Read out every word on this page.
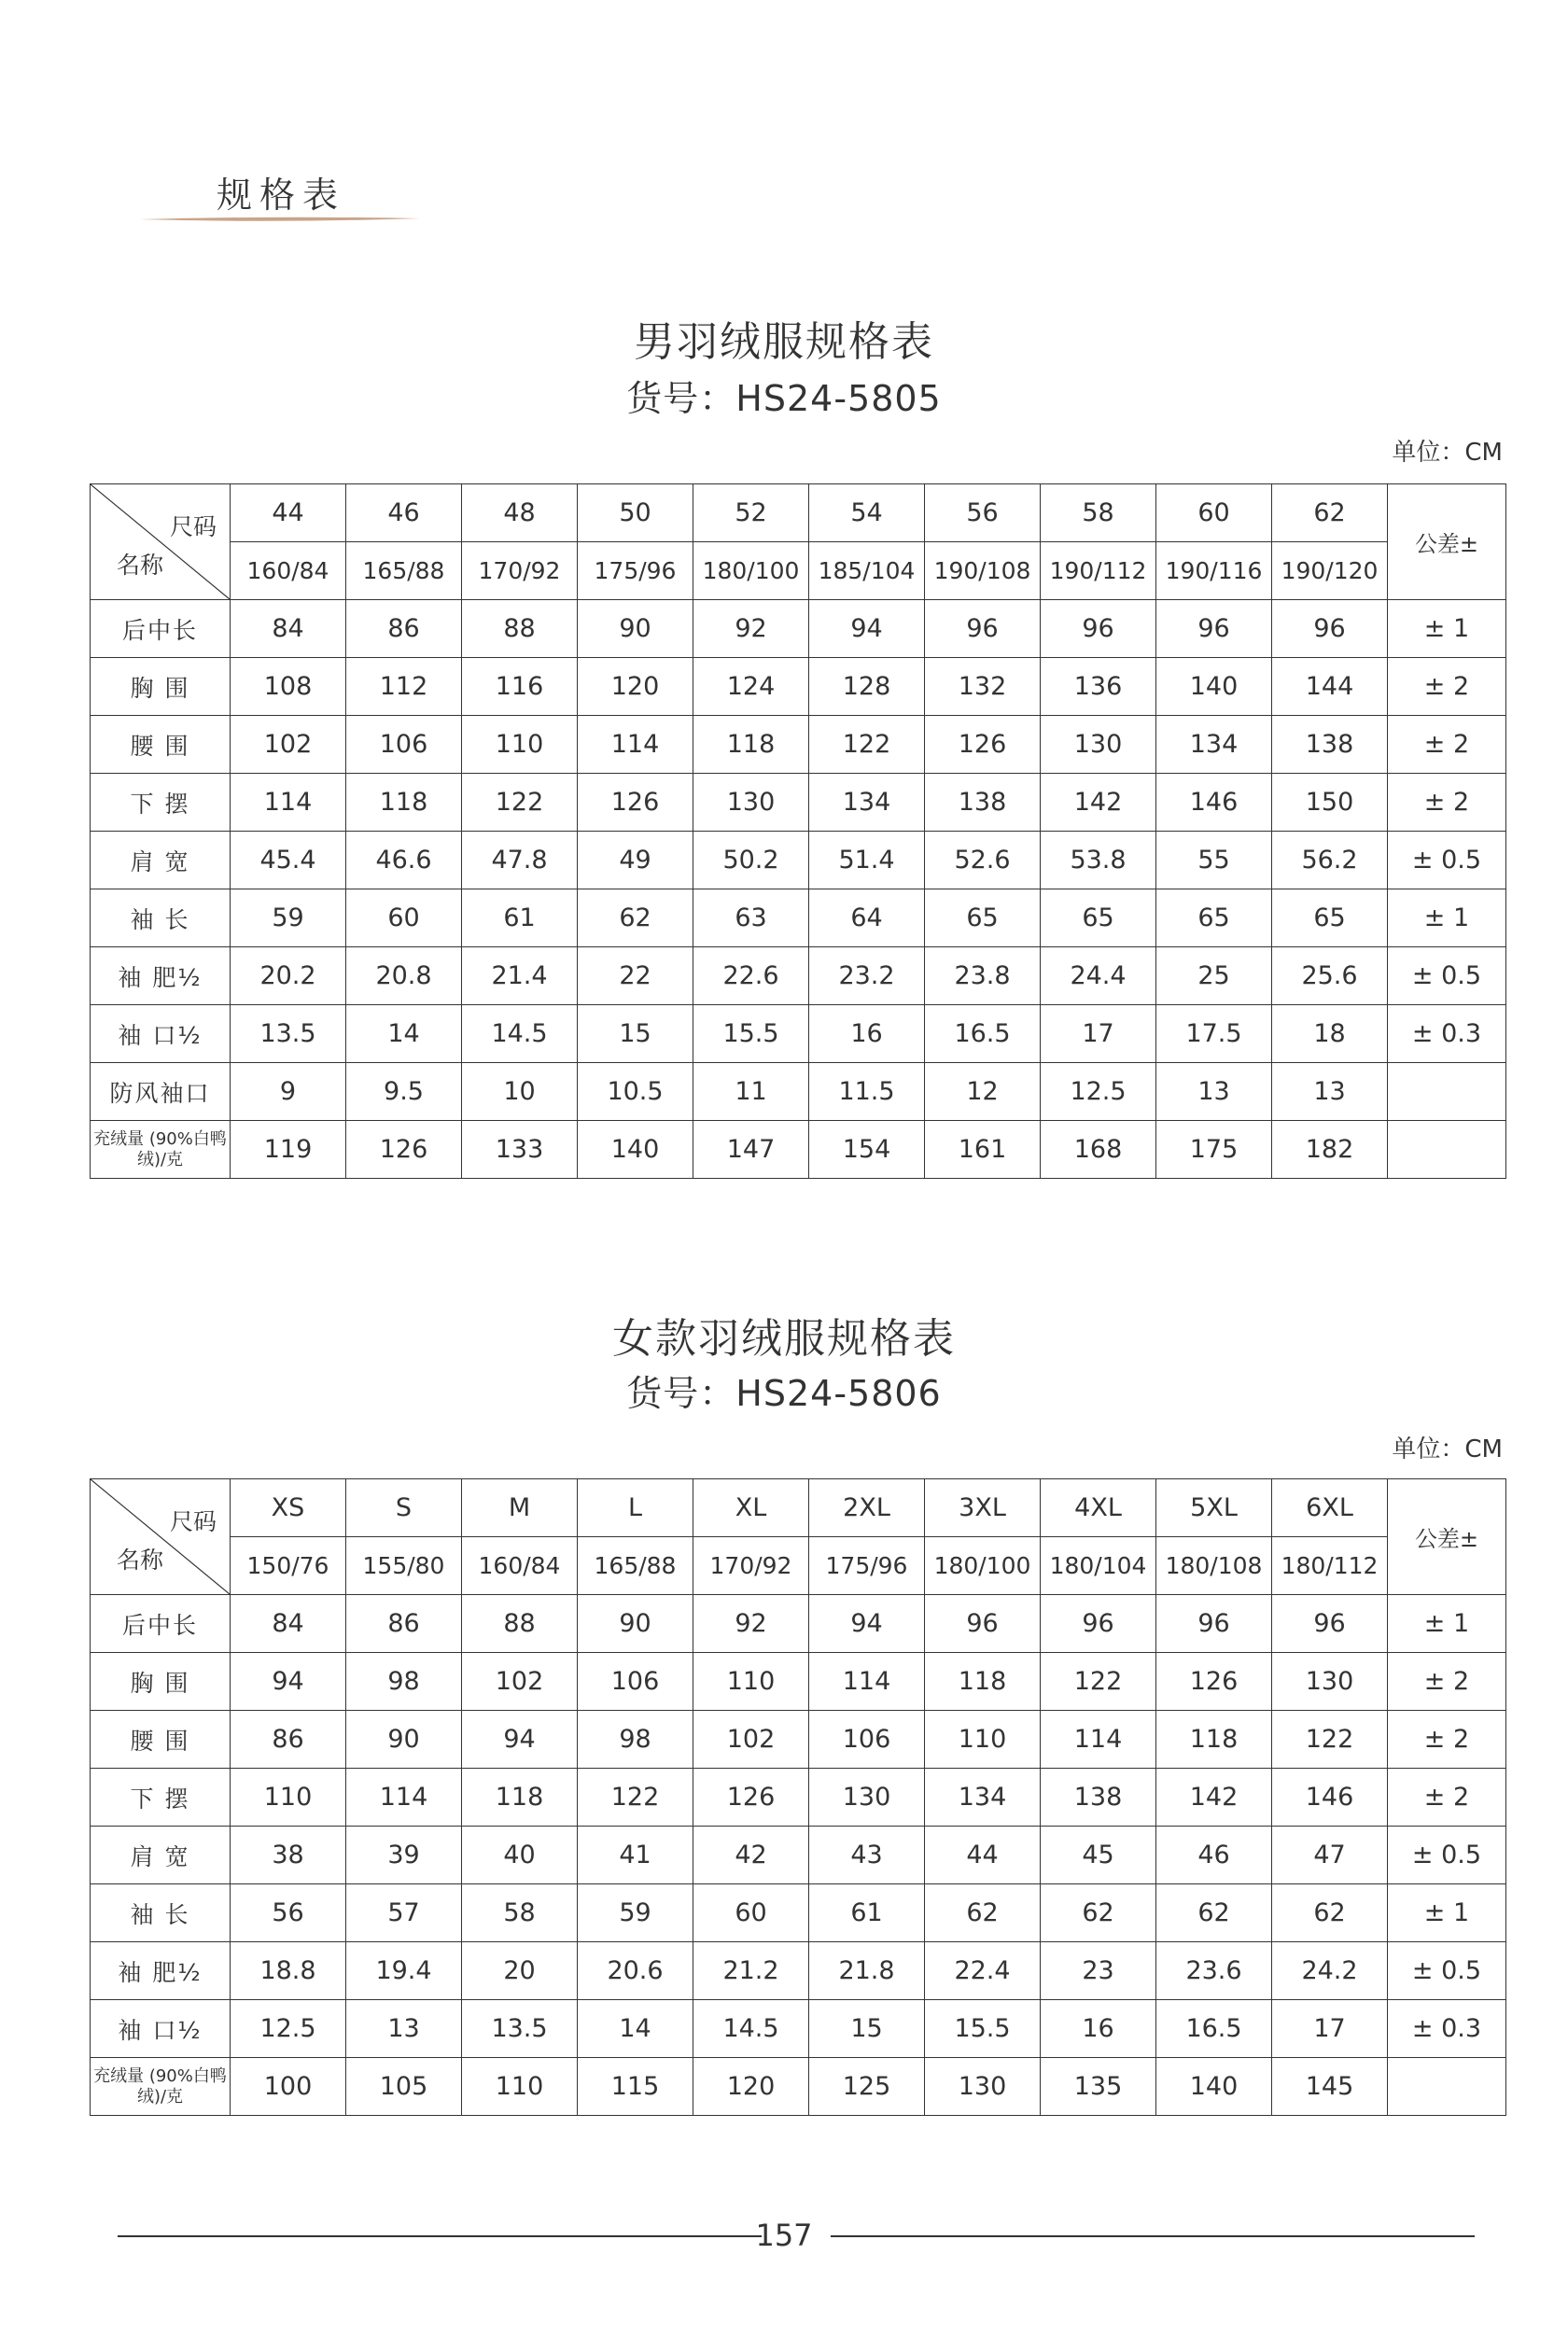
规格表
男羽绒服规格表
货号：HS24-5805
单位：CM
尺码
名称	44	46	48	50	52	54	56	58	60	62	公差±
	160/84	165/88	170/92	175/96	180/100	185/104	190/108	190/112	190/116	190/120	
后中长	84	86	88	90	92	94	96	96	96	96	± 1
胸 围	108	112	116	120	124	128	132	136	140	144	± 2
腰 围	102	106	110	114	118	122	126	130	134	138	± 2
下 摆	114	118	122	126	130	134	138	142	146	150	± 2
肩 宽	45.4	46.6	47.8	49	50.2	51.4	52.6	53.8	55	56.2	± 0.5
袖 长	59	60	61	62	63	64	65	65	65	65	± 1
袖 肥½	20.2	20.8	21.4	22	22.6	23.2	23.8	24.4	25	25.6	± 0.5
袖 口½	13.5	14	14.5	15	15.5	16	16.5	17	17.5	18	± 0.3
防风袖口	9	9.5	10	10.5	11	11.5	12	12.5	13	13	
充绒量 (90%白鸭绒)/克	119	126	133	140	147	154	161	168	175	182	
女款羽绒服规格表
货号：HS24-5806
单位：CM
尺码
名称	XS	S	M	L	XL	2XL	3XL	4XL	5XL	6XL	公差±
	150/76	155/80	160/84	165/88	170/92	175/96	180/100	180/104	180/108	180/112	
后中长	84	86	88	90	92	94	96	96	96	96	± 1
胸 围	94	98	102	106	110	114	118	122	126	130	± 2
腰 围	86	90	94	98	102	106	110	114	118	122	± 2
下 摆	110	114	118	122	126	130	134	138	142	146	± 2
肩 宽	38	39	40	41	42	43	44	45	46	47	± 0.5
袖 长	56	57	58	59	60	61	62	62	62	62	± 1
袖 肥½	18.8	19.4	20	20.6	21.2	21.8	22.4	23	23.6	24.2	± 0.5
袖 口½	12.5	13	13.5	14	14.5	15	15.5	16	16.5	17	± 0.3
充绒量 (90%白鸭绒)/克	100	105	110	115	120	125	130	135	140	145	
157
